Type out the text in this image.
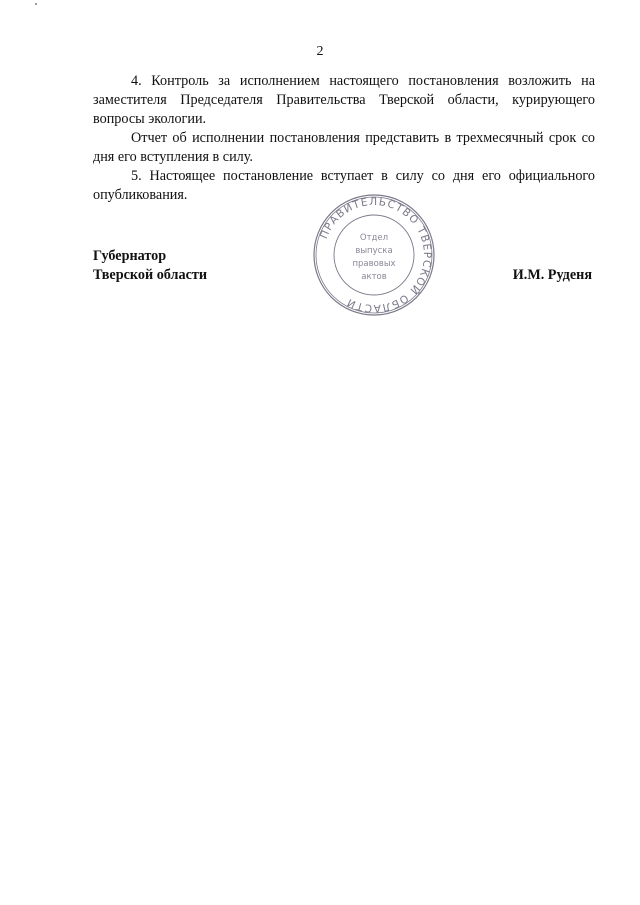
2

4. Контроль за исполнением настоящего постановления возложить на заместителя Председателя Правительства Тверской области, курирующего вопросы экологии.

Отчет об исполнении постановления представить в трехмесячный срок со дня его вступления в силу.

5. Настоящее постановление вступает в силу со дня его официального опубликования.

Губернатор
Тверской области
ПРАВИТЕЛЬСТВО ТВЕРСКОЙ ОБЛАСТИ
Отдел
выпуска
правовых
актов	И.М. Руденя
